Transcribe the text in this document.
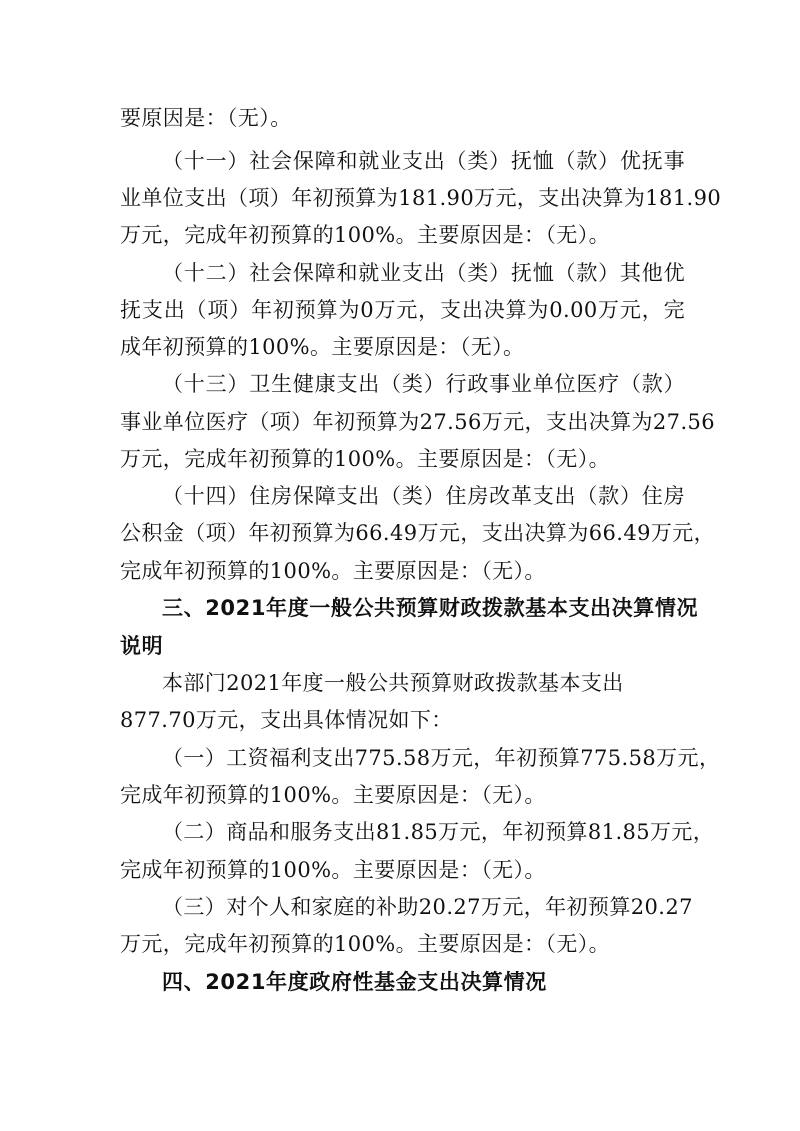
要原因是：（无）。
（十一）社会保障和就业支出（类）抚恤（款）优抚事
业单位支出（项）年初预算为181.90万元，支出决算为181.90
万元，完成年初预算的100%。主要原因是：（无）。
（十二）社会保障和就业支出（类）抚恤（款）其他优
抚支出（项）年初预算为0万元，支出决算为0.00万元，完
成年初预算的100%。主要原因是：（无）。
（十三）卫生健康支出（类）行政事业单位医疗（款）
事业单位医疗（项）年初预算为27.56万元，支出决算为27.56
万元，完成年初预算的100%。主要原因是：（无）。
（十四）住房保障支出（类）住房改革支出（款）住房
公积金（项）年初预算为66.49万元，支出决算为66.49万元，
完成年初预算的100%。主要原因是：（无）。
三、2021年度一般公共预算财政拨款基本支出决算情况
说明
本部门2021年度一般公共预算财政拨款基本支出
877.70万元，支出具体情况如下：
（一）工资福利支出775.58万元，年初预算775.58万元，
完成年初预算的100%。主要原因是：（无）。
（二）商品和服务支出81.85万元，年初预算81.85万元，
完成年初预算的100%。主要原因是：（无）。
（三）对个人和家庭的补助20.27万元，年初预算20.27
万元，完成年初预算的100%。主要原因是：（无）。
四、2021年度政府性基金支出决算情况
